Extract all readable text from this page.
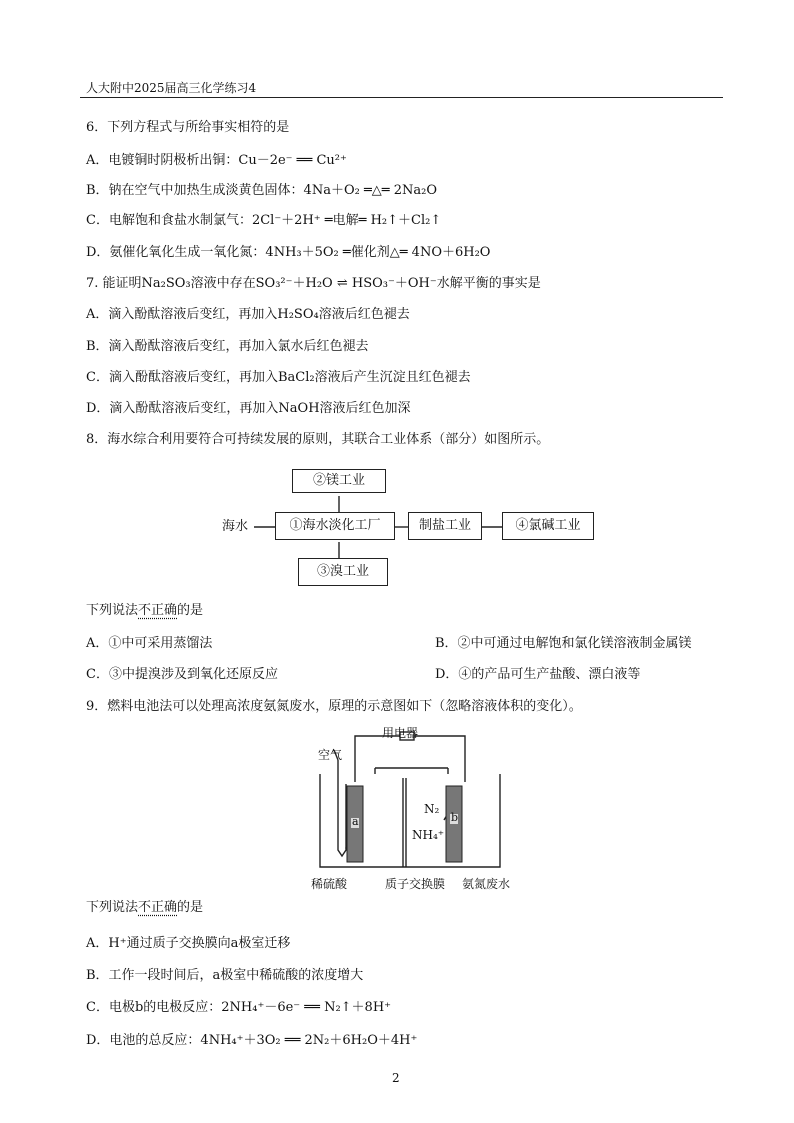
人大附中2025届高三化学练习4
6．下列方程式与所给事实相符的是
A．电镀铜时阴极析出铜：Cu－2e⁻ ══ Cu²⁺
B．钠在空气中加热生成淡黄色固体：4Na＋O₂ ═△═ 2Na₂O
C．电解饱和食盐水制氯气：2Cl⁻＋2H⁺ ═电解═ H₂↑＋Cl₂↑
D．氨催化氧化生成一氧化氮：4NH₃＋5O₂ ═催化剂△═ 4NO＋6H₂O
7. 能证明Na₂SO₃溶液中存在SO₃²⁻＋H₂O ⇌ HSO₃⁻＋OH⁻水解平衡的事实是
A．滴入酚酞溶液后变红，再加入H₂SO₄溶液后红色褪去
B．滴入酚酞溶液后变红，再加入氯水后红色褪去
C．滴入酚酞溶液后变红，再加入BaCl₂溶液后产生沉淀且红色褪去
D．滴入酚酞溶液后变红，再加入NaOH溶液后红色加深
8．海水综合利用要符合可持续发展的原则，其联合工业体系（部分）如图所示。
海水
②镁工业
①海水淡化工厂	制盐工业	④氯碱工业
③溴工业
下列说法不正确的是
A．①中可采用蒸馏法	B．②中可通过电解饱和氯化镁溶液制金属镁
C．③中提溴涉及到氧化还原反应	D．④的产品可生产盐酸、漂白液等
9．燃料电池法可以处理高浓度氨氮废水，原理的示意图如下（忽略溶液体积的变化）。
用电器
空气
a	b
N₂
NH₄⁺
稀硫酸	质子交换膜 氨氮废水
下列说法不正确的是
A．H⁺通过质子交换膜向a极室迁移
B．工作一段时间后，a极室中稀硫酸的浓度增大
C．电极b的电极反应：2NH₄⁺－6e⁻ ══ N₂↑＋8H⁺
D．电池的总反应：4NH₄⁺＋3O₂ ══ 2N₂＋6H₂O＋4H⁺
2
